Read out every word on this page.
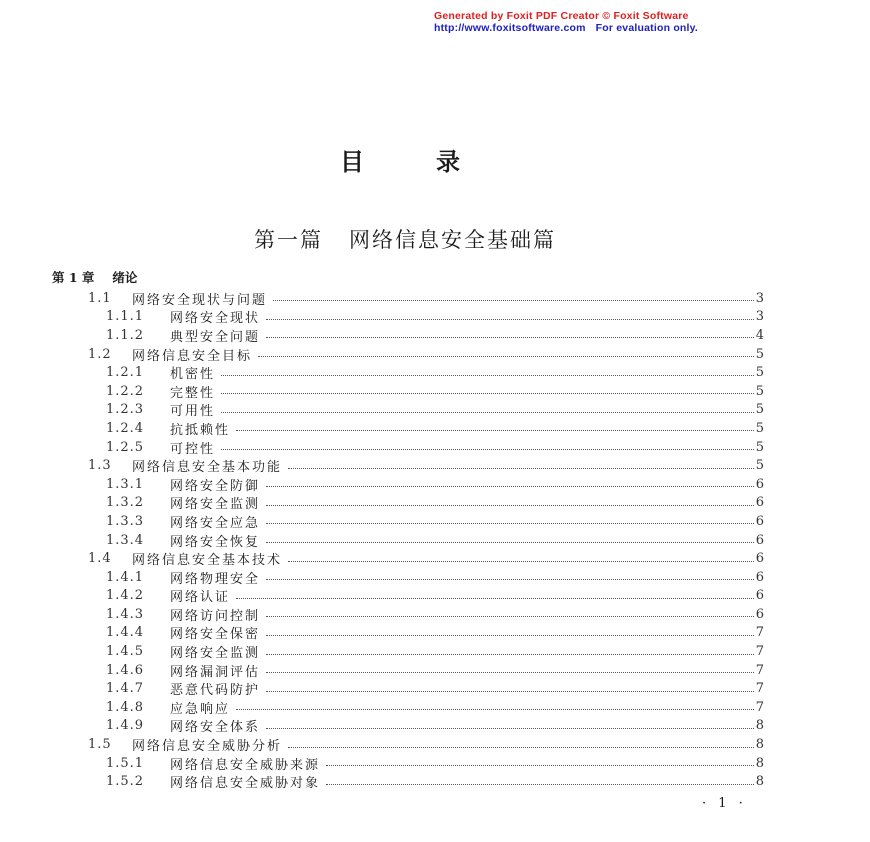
Generated by Foxit PDF Creator © Foxit Software
http://www.foxitsoftware.com For evaluation only.
目录
第一篇 网络信息安全基础篇
第 1 章 绪论
1.1	网络安全现状与问题	3
1.1.1	网络安全现状	3
1.1.2	典型安全问题	4
1.2	网络信息安全目标	5
1.2.1	机密性	5
1.2.2	完整性	5
1.2.3	可用性	5
1.2.4	抗抵赖性	5
1.2.5	可控性	5
1.3	网络信息安全基本功能	5
1.3.1	网络安全防御	6
1.3.2	网络安全监测	6
1.3.3	网络安全应急	6
1.3.4	网络安全恢复	6
1.4	网络信息安全基本技术	6
1.4.1	网络物理安全	6
1.4.2	网络认证	6
1.4.3	网络访问控制	6
1.4.4	网络安全保密	7
1.4.5	网络安全监测	7
1.4.6	网络漏洞评估	7
1.4.7	恶意代码防护	7
1.4.8	应急响应	7
1.4.9	网络安全体系	8
1.5	网络信息安全威胁分析	8
1.5.1	网络信息安全威胁来源	8
1.5.2	网络信息安全威胁对象	8
· 1 ·
